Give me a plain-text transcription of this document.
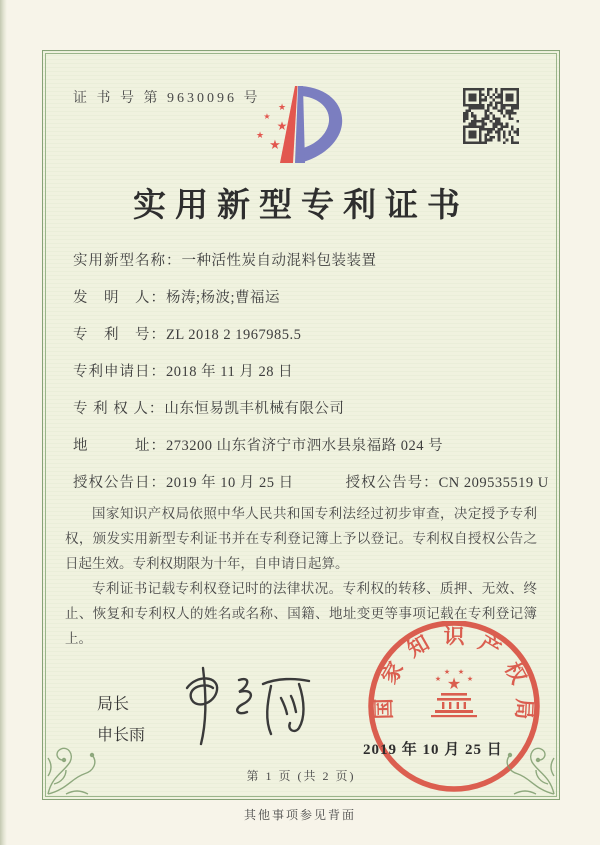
证 书 号 第 9630096 号
★
★
★
★
★
实用新型专利证书
实用新型名称：一种活性炭自动混料包装装置
发　明　人：杨涛;杨波;曹福运
专　利　号：ZL 2018 2 1967985.5
专利申请日：2018 年 11 月 28 日
专 利 权 人：山东恒易凯丰机械有限公司
地　　　址：273200 山东省济宁市泗水县泉福路 024 号
授权公告日：2019 年 10 月 25 日	授权公告号：CN 209535519 U

国家知识产权局依照中华人民共和国专利法经过初步审查，决定授予专利权，颁发实用新型专利证书并在专利登记簿上予以登记。专利权自授权公告之日起生效。专利权期限为十年，自申请日起算。

专利证书记载专利权登记时的法律状况。专利权的转移、质押、无效、终止、恢复和专利权人的姓名或名称、国籍、地址变更等事项记载在专利登记簿上。

局长
申长雨
国家知识产权局
★
★
★ ★
★
2019 年 10 月 25 日
第 1 页 (共 2 页)
其他事项参见背面
